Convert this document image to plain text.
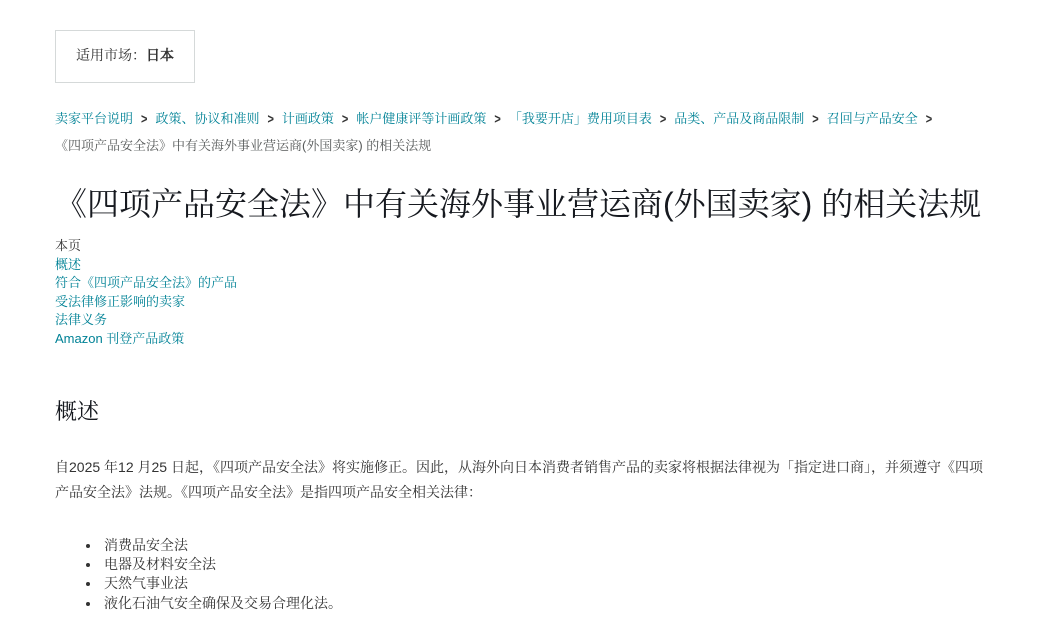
适用市场：日本
卖家平台说明 > 政策、协议和准则 > 计画政策 > 帐户健康评等计画政策 > 「我要开店」费用项目表 > 品类、产品及商品限制 > 召回与产品安全 >《四项产品安全法》中有关海外事业营运商(外国卖家) 的相关法规
《四项产品安全法》中有关海外事业营运商(外国卖家) 的相关法规
本页
概述
符合《四项产品安全法》的产品
受法律修正影响的卖家
法律义务
Amazon 刊登产品政策
概述

自2025 年12 月25 日起，《四项产品安全法》将实施修正。因此，从海外向日本消费者销售产品的卖家将根据法律视为「指定进口商」，并须遵守《四项产品安全法》法规。《四项产品安全法》是指四项产品安全相关法律：

• 消费品安全法
• 电器及材料安全法
• 天然气事业法
• 液化石油气安全确保及交易合理化法。
